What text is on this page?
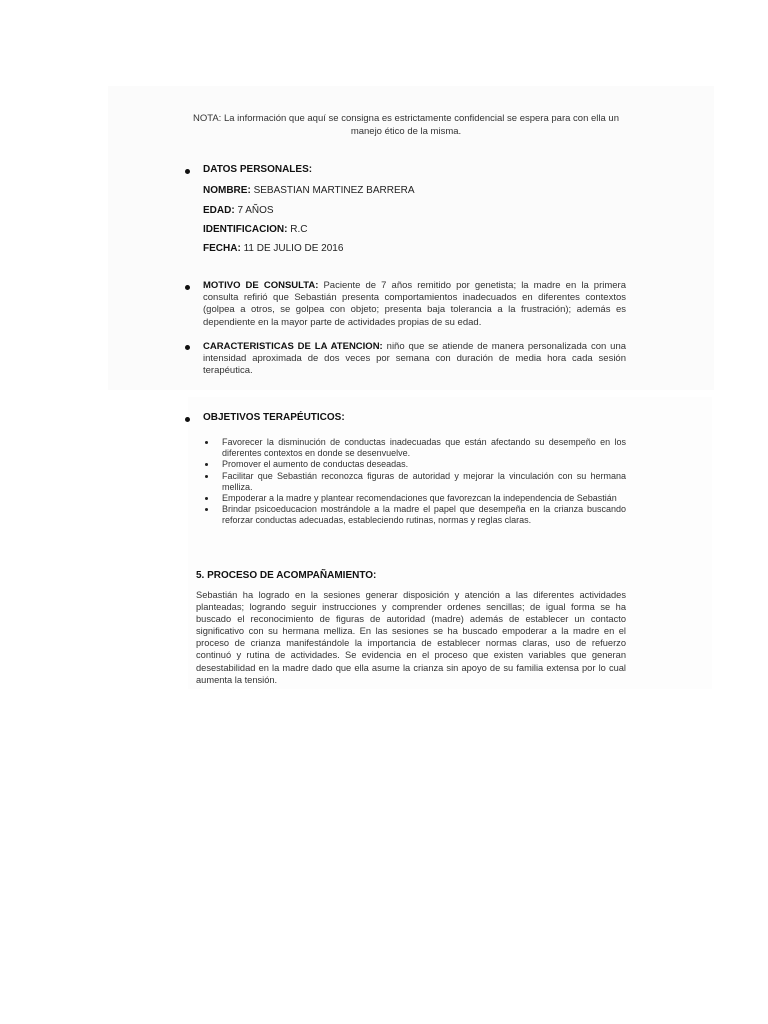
NOTA: La información que aquí se consigna es estrictamente confidencial se espera para con ella un manejo ético de la misma.
DATOS PERSONALES:
NOMBRE: SEBASTIAN MARTINEZ BARRERA
EDAD: 7 AÑOS
IDENTIFICACION: R.C
FECHA: 11 DE JULIO DE 2016
MOTIVO DE CONSULTA: Paciente de 7 años remitido por genetista; la madre en la primera consulta refirió que Sebastián presenta comportamientos inadecuados en diferentes contextos (golpea a otros, se golpea con objeto; presenta baja tolerancia a la frustración); además es dependiente en la mayor parte de actividades propias de su edad.
CARACTERISTICAS DE LA ATENCION: niño que se atiende de manera personalizada con una intensidad aproximada de dos veces por semana con duración de media hora cada sesión terapéutica.
OBJETIVOS TERAPÉUTICOS:
Favorecer la disminución de conductas inadecuadas que están afectando su desempeño en los diferentes contextos en donde se desenvuelve.
Promover el aumento de conductas deseadas.
Facilitar que Sebastián reconozca figuras de autoridad y mejorar la vinculación con su hermana melliza.
Empoderar a la madre y plantear recomendaciones que favorezcan la independencia de Sebastián
Brindar psicoeducacion mostrándole a la madre el papel que desempeña en la crianza buscando reforzar conductas adecuadas, estableciendo rutinas, normas y reglas claras.
5. PROCESO DE ACOMPAÑAMIENTO:
Sebastián ha logrado en la sesiones generar disposición y atención a las diferentes actividades planteadas; logrando seguir instrucciones y comprender ordenes sencillas; de igual forma se ha buscado el reconocimiento de figuras de autoridad (madre) además de establecer un contacto significativo con su hermana melliza. En las sesiones se ha buscado empoderar a la madre en el proceso de crianza manifestándole la importancia de establecer normas claras, uso de refuerzo continuó y rutina de actividades. Se evidencia en el proceso que existen variables que generan desestabilidad en la madre dado que ella asume la crianza sin apoyo de su familia extensa por lo cual aumenta la tensión.
